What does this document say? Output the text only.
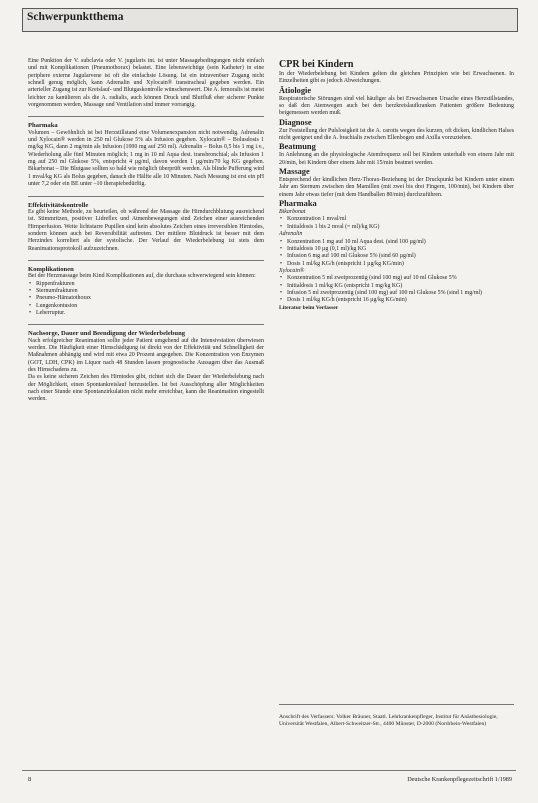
Schwerpunktthema

Eine Punktion der V. subclavia oder V. jugularis int. ist unter Massagebedingungen nicht einfach und mit Komplikationen (Pneumothorax) belastet. Eine lebenswichtige (sein Katheter) in eine periphere externe Jugularvene ist oft die einfachste Lösung. Ist ein intravenöser Zugang nicht schnell genug möglich, kann Adrenalin und Xylocain® transtracheal gegeben werden. Ein arterieller Zugang ist zur Kreislauf- und Blutgaskontrolle wünschenswert. Die A. femoralis ist meist leichter zu kanülieren als die A. radialis, auch können Druck und Blutfluß eher sicherer Punkte vorgenommen werden, Massage und Ventilation sind immer vorrangig.

Pharmaka

Volumen – Gewöhnlich ist bei Herzstillstand eine Volumenexpansion nicht notwendig. Adrenalin und Xylocain® werden in 250 ml Glukose 5% als Infusion gegeben. Xylocain® – Bolusdosis 1 mg/kg KG, dann 2 mg/min als Infusion (1000 mg auf 250 ml). Adrenalin – Bolus 0,5 bis 1 mg i.v., Wiederholung alle fünf Minuten möglich; 1 mg in 10 ml Aqua dest. transbronchial; als Infusion 1 mg auf 250 ml Glukose 5%, entspricht 4 µg/ml, davon werden 1 µg/min/70 kg KG gegeben. Bikarbonat – Die Blutgase sollten so bald wie möglich überprüft werden. Als blinde Pufferung wird 1 mval/kg KG als Bolus gegeben, danach die Hälfte alle 10 Minuten. Nach Messung ist erst ein pH unter 7,2 oder ein BE unter –10 therapiebedürftig.

Effektivitätskontrolle

Es gibt keine Methode, zu beurteilen, ob während der Massage die Hirndurchblutung ausreichend ist. Stimmritzen, positiver Lidreflex und Atmenbewegungen sind Zeichen einer ausreichenden Hirnperfusion. Weite lichtstarre Pupillen sind kein absolutes Zeichen eines irreversiblen Hirntodes, sondern können auch bei Reversibilität auftreten. Der mittlere Blutdruck ist besser mit dem Herzindex korreliert als der systolische. Der Verlauf der Wiederbelebung ist stets dem Reanimationsprotokoll aufzuzeichnen.

Komplikationen

Bei der Herzmassage beim Kind Komplikationen auf, die durchaus schwerwiegend sein können:

• Rippenfrakturen
• Sternumfrakturen
• Pneumo-Hämatothorax
• Lungenkontusion
• Leberruptur.

Nachsorge, Dauer und Beendigung der Wiederbelebung

Nach erfolgreicher Reanimation sollte jeder Patient umgehend auf die Intensivstation überwiesen werden. Die Häufigkeit einer Hirnschädigung ist direkt von der Effektivität und Schnelligkeit der Maßnahmen abhängig und wird mit etwa 20 Prozent angegeben. Die Konzentration von Enzymen (GOT, LDH, CPK) im Liquor nach 48 Stunden lassen prognostische Aussagen über das Ausmaß des Hirnschadens zu.

Da es keine sicheren Zeichen des Hirntodes gibt, richtet sich die Dauer der Wiederbelebung nach der Möglichkeit, einen Spontankreislauf herzustellen. Ist bei Ausschöpfung aller Möglichkeiten nach einer Stunde eine Spontanzirkulation nicht mehr erreichbar, kann die Reanimation eingestellt werden.

CPR bei Kindern

In der Wiederbelebung bei Kindern gelten die gleichen Prinzipien wie bei Erwachsenen. In Einzelheiten gibt es jedoch Abweichungen.

Ätiologie

Respiratorische Störungen sind viel häufiger als bei Erwachsenen Ursache eines Herzstillstandes, so daß den Atemwegen auch bei den herzkreislaufkranken Patienten größere Bedeutung beigemessen werden muß.

Diagnose

Zur Feststellung der Pulslosigkeit ist die A. carotis wegen des kurzen, oft dicken, kindlichen Halses nicht geeignet und die A. brachialis zwischen Ellenbogen und Axilla vorzuziehen.

Beatmung

In Anlehnung an die physiologische Atemfrequenz soll bei Kindern unterhalb von einem Jahr mit 20/min, bei Kindern über einem Jahr mit 15/min beatmet werden.

Massage

Entsprechend der kindlichen Herz-Thorax-Beziehung ist der Druckpunkt bei Kindern unter einem Jahr am Sternum zwischen den Mamillen (mit zwei bis drei Fingern, 100/min), bei Kindern über einem Jahr etwas tiefer (mit dem Handballen 80/min) durchzuführen.

Pharmaka

Bikarbonat

• Konzentration 1 mval/ml
• Initialdosis 1 bis 2 mval (= ml)/kg KG)

Adrenalin

• Konzentration 1 mg auf 10 ml Aqua dest. (sind 100 µg/ml)
• Initialdosis 10 µg (0,1 ml)/kg KG
• Infusion 6 mg auf 100 ml Glukose 5% (sind 60 µg/ml)
• Dosis 1 ml/kg KG/h (entspricht 1 µg/kg KG/min)

Xylocain®

• Konzentration 5 ml zweiprozentig (sind 100 mg) auf 10 ml Glukose 5%
• Initialdosis 1 ml/kg KG (entspricht 1 mg/kg KG)
• Infusion 5 ml zweiprozentig (sind 100 mg) auf 100 ml Glukose 5% (sind 1 mg/ml)
• Dosis 1 ml/kg KG/h (entspricht 16 µg/kg KG/min)

Literatur beim Verfasser

Anschrift des Verfassers: Volker Bräuner, Staatl. Lehrkrankenpfleger, Institut für Anästhesiologie, Universität Westfalen, Albert-Schweitzer-Str., 4400 Münster, D-2000 (Nordrhein-Westfalen)

8	Deutsche Krankenpflegezeitschrift 1/1989
